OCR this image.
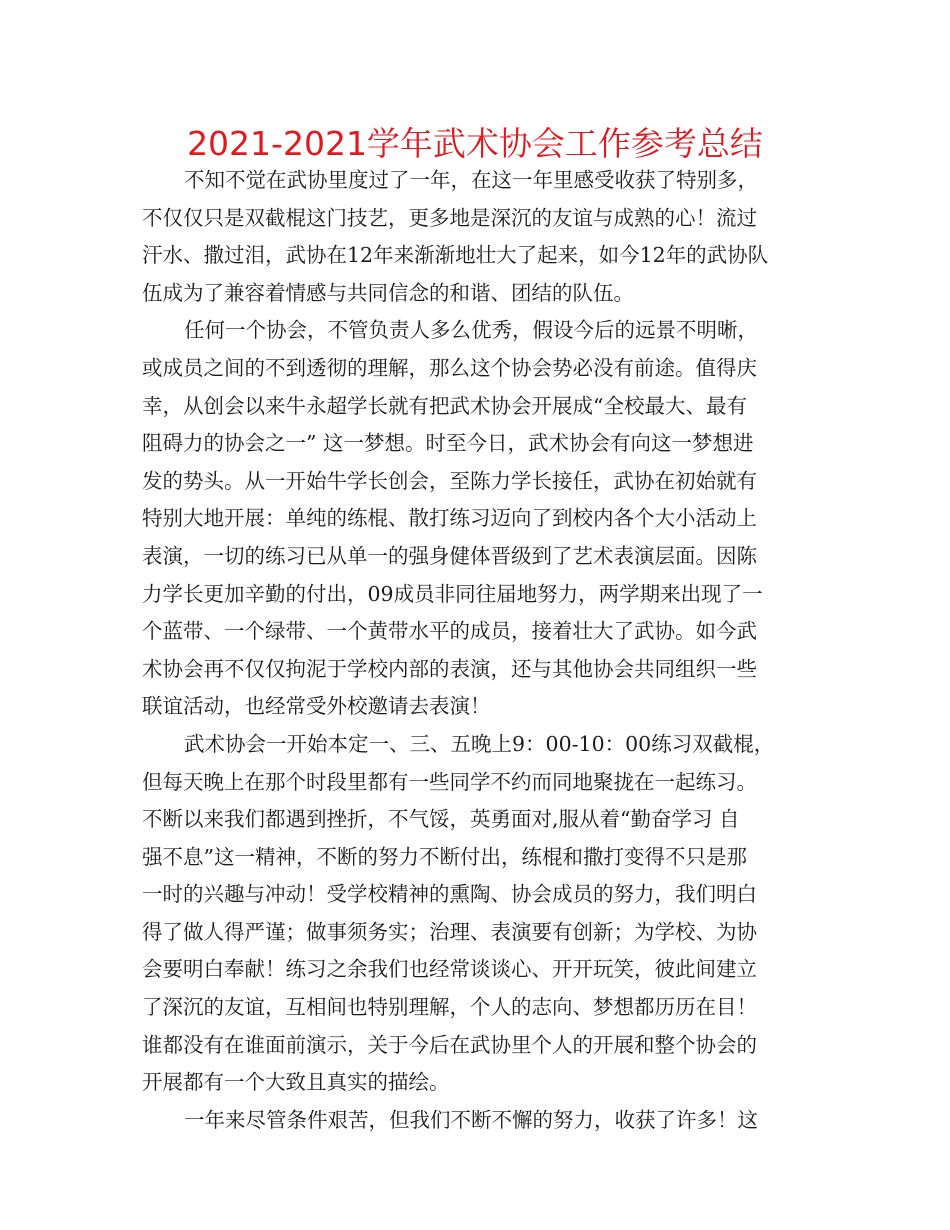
2021-2021学年武术协会工作参考总结
不知不觉在武协里度过了一年，在这一年里感受收获了特别多，
不仅仅只是双截棍这门技艺，更多地是深沉的友谊与成熟的心！流过
汗水、撒过泪，武协在12年来渐渐地壮大了起来，如今12年的武协队
伍成为了兼容着情感与共同信念的和谐、团结的队伍。
任何一个协会，不管负责人多么优秀，假设今后的远景不明晰，
或成员之间的不到透彻的理解，那么这个协会势必没有前途。值得庆
幸，从创会以来牛永超学长就有把武术协会开展成“全校最大、最有
阻碍力的协会之一” 这一梦想。时至今日，武术协会有向这一梦想进
发的势头。从一开始牛学长创会，至陈力学长接任，武协在初始就有
特别大地开展：单纯的练棍、散打练习迈向了到校内各个大小活动上
表演，一切的练习已从单一的强身健体晋级到了艺术表演层面。因陈
力学长更加辛勤的付出，09成员非同往届地努力，两学期来出现了一
个蓝带、一个绿带、一个黄带水平的成员，接着壮大了武协。如今武
术协会再不仅仅拘泥于学校内部的表演，还与其他协会共同组织一些
联谊活动，也经常受外校邀请去表演！
武术协会一开始本定一、三、五晚上9：00-10：00练习双截棍，
但每天晚上在那个时段里都有一些同学不约而同地聚拢在一起练习。
不断以来我们都遇到挫折，不气馁，英勇面对,服从着“勤奋学习 自
强不息”这一精神，不断的努力不断付出，练棍和撒打变得不只是那
一时的兴趣与冲动！受学校精神的熏陶、协会成员的努力，我们明白
得了做人得严谨；做事须务实；治理、表演要有创新；为学校、为协
会要明白奉献！练习之余我们也经常谈谈心、开开玩笑，彼此间建立
了深沉的友谊，互相间也特别理解，个人的志向、梦想都历历在目！
谁都没有在谁面前演示，关于今后在武协里个人的开展和整个协会的
开展都有一个大致且真实的描绘。
一年来尽管条件艰苦，但我们不断不懈的努力，收获了许多！这
